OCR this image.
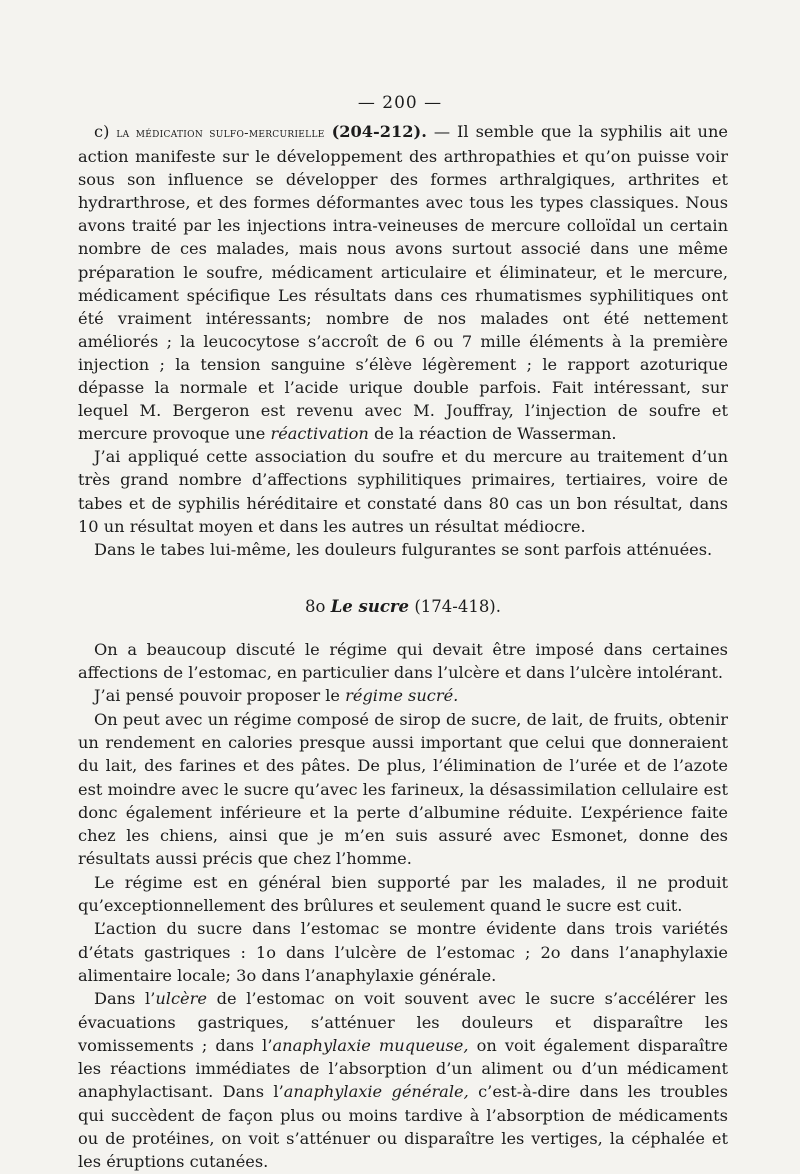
— 200 —

c) la médication sulfo-mercurielle (204-212). — Il semble que la syphilis ait une action manifeste sur le développement des arthropathies et qu’on puisse voir sous son influence se développer des formes arthralgiques, arthrites et hydrarthrose, et des formes déformantes avec tous les types classiques. Nous avons traité par les injections intra-veineuses de mercure colloïdal un certain nombre de ces malades, mais nous avons surtout associé dans une même préparation le soufre, médicament articulaire et éliminateur, et le mercure, médicament spécifique Les résultats dans ces rhumatismes syphilitiques ont été vraiment intéressants; nombre de nos malades ont été nettement améliorés ; la leucocytose s’accroît de 6 ou 7 mille éléments à la première injection ; la tension sanguine s’élève légèrement ; le rapport azoturique dépasse la normale et l’acide urique double parfois. Fait intéressant, sur lequel M. Bergeron est revenu avec M. Jouffray, l’injection de soufre et mercure provoque une réactivation de la réaction de Wasserman.

J’ai appliqué cette association du soufre et du mercure au traitement d’un très grand nombre d’affections syphilitiques primaires, tertiaires, voire de tabes et de syphilis héréditaire et constaté dans 80 cas un bon résultat, dans 10 un résultat moyen et dans les autres un résultat médiocre.

Dans le tabes lui-même, les douleurs fulgurantes se sont parfois atténuées.

8o Le sucre (174-418).

On a beaucoup discuté le régime qui devait être imposé dans certaines affections de l’estomac, en particulier dans l’ulcère et dans l’ulcère intolérant.

J’ai pensé pouvoir proposer le régime sucré.

On peut avec un régime composé de sirop de sucre, de lait, de fruits, obtenir un rendement en calories presque aussi important que celui que donneraient du lait, des farines et des pâtes. De plus, l’élimination de l’urée et de l’azote est moindre avec le sucre qu’avec les farineux, la désassimilation cellulaire est donc également inférieure et la perte d’albumine réduite. L’expérience faite chez les chiens, ainsi que je m’en suis assuré avec Esmonet, donne des résultats aussi précis que chez l’homme.

Le régime est en général bien supporté par les malades, il ne produit qu’exceptionnellement des brûlures et seulement quand le sucre est cuit.

L’action du sucre dans l’estomac se montre évidente dans trois variétés d’états gastriques : 1o dans l’ulcère de l’estomac ; 2o dans l’anaphylaxie alimentaire locale; 3o dans l’anaphylaxie générale.

Dans l’ulcère de l’estomac on voit souvent avec le sucre s’accélérer les évacuations gastriques, s’atténuer les douleurs et disparaître les vomissements ; dans l’anaphylaxie muqueuse, on voit également disparaître les réactions immédiates de l’absorption d’un aliment ou d’un médicament anaphylactisant. Dans l’anaphylaxie générale, c’est-à-dire dans les troubles qui succèdent de façon plus ou moins tardive à l’absorption de médicaments ou de protéines, on voit s’atténuer ou disparaître les vertiges, la céphalée et les éruptions cutanées.
